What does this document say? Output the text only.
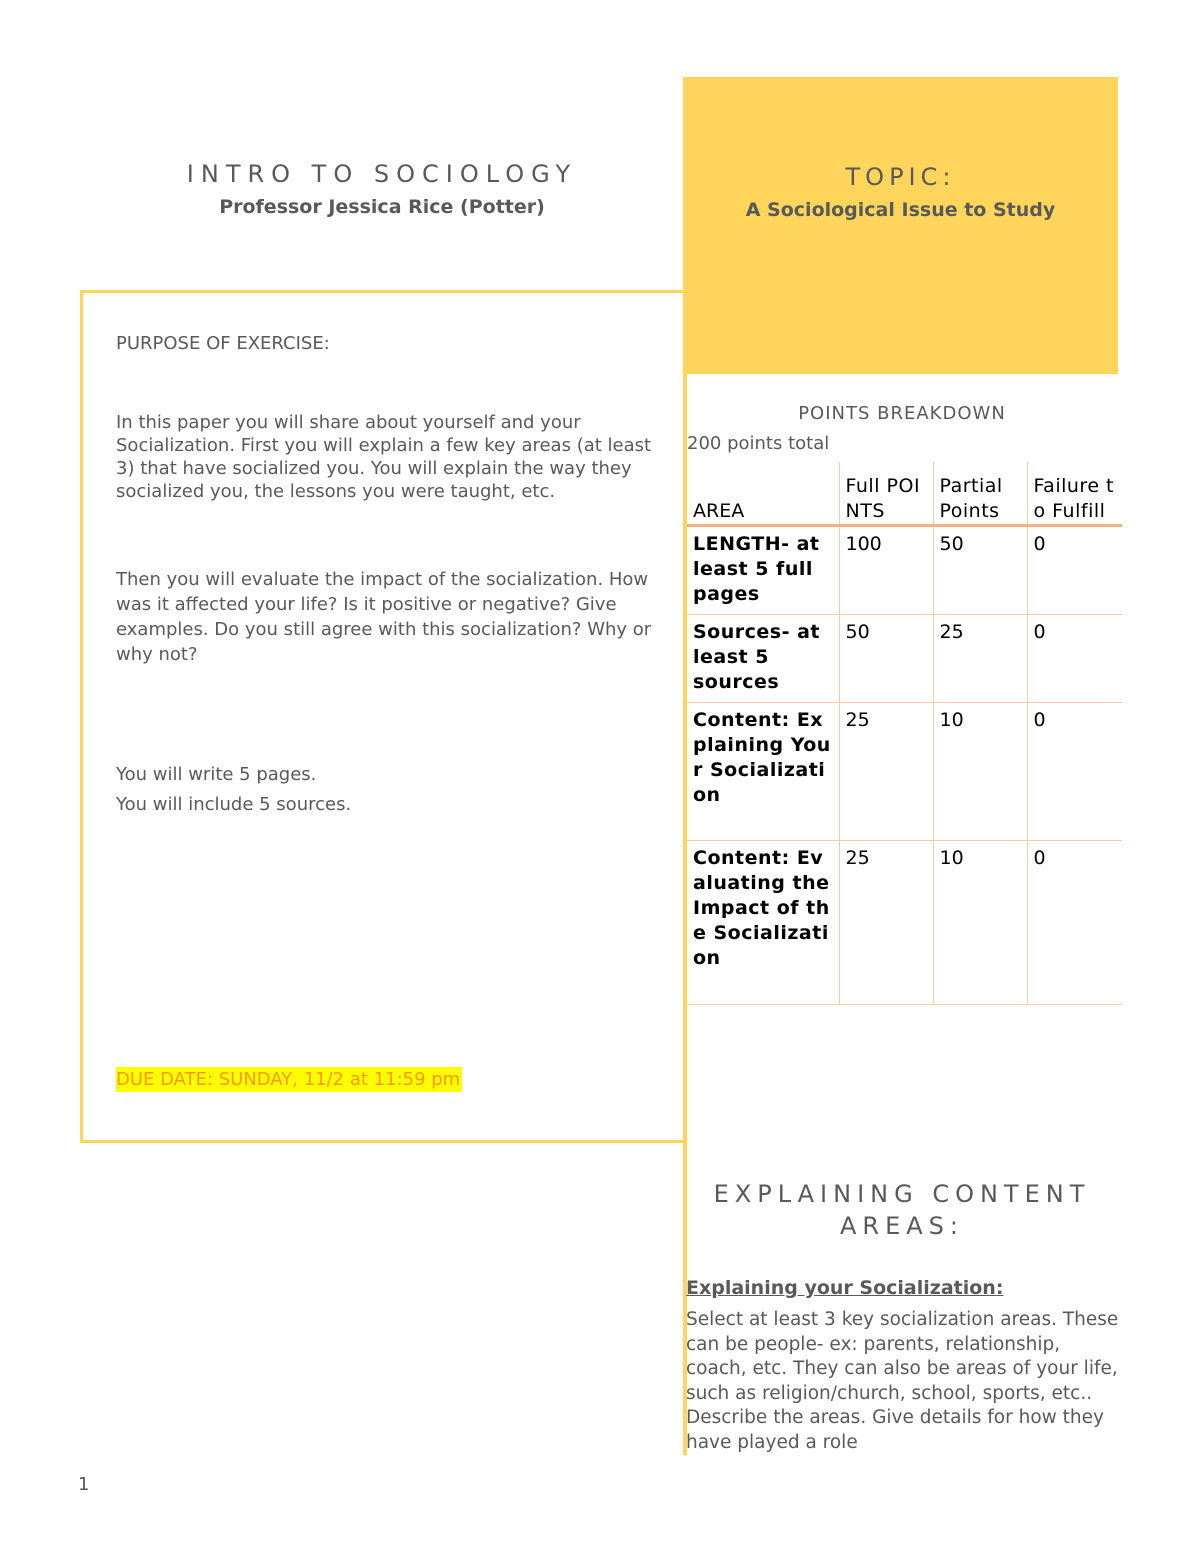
INTRO TO SOCIOLOGY
Professor Jessica Rice (Potter)
TOPIC:
A Sociological Issue to Study
PURPOSE OF EXERCISE:
In this paper you will share about yourself and your Socialization. First you will explain a few key areas (at least 3) that have socialized you. You will explain the way they socialized you, the lessons you were taught, etc.
Then you will evaluate the impact of the socialization. How was it affected your life? Is it positive or negative? Give examples. Do you still agree with this socialization? Why or why not?
You will write 5 pages.
You will include 5 sources.
DUE DATE: SUNDAY, 11/2 at 11:59 pm
POINTS BREAKDOWN
200 points total
AREA	Full POINTS	Partial Points	Failure to Fulfill
LENGTH- at least 5 full pages	100	50	0
Sources- at least 5 sources	50	25	0
Content: Explaining Your Socialization	25	10	0
Content: Evaluating the Impact of the Socialization	25	10	0
EXPLAINING CONTENT AREAS:
Explaining your Socialization:
Select at least 3 key socialization areas. These can be people- ex: parents, relationship, coach, etc. They can also be areas of your life, such as religion/church, school, sports, etc.. Describe the areas. Give details for how they have played a role
1
